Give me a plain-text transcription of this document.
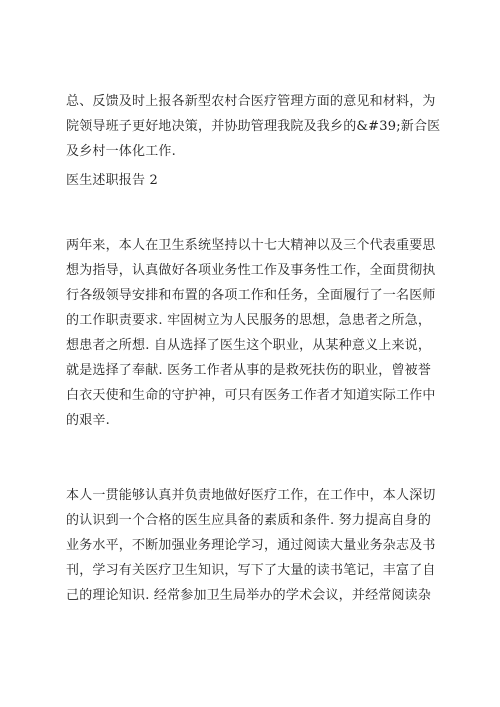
总、反馈及时上报各新型农村合医疗管理方面的意见和材料，为
院领导班子更好地决策，并协助管理我院及我乡的&#39;新合医
及乡村一体化工作.
医生述职报告 2
两年来，本人在卫生系统坚持以十七大精神以及三个代表重要思
想为指导，认真做好各项业务性工作及事务性工作，全面贯彻执
行各级领导安排和布置的各项工作和任务，全面履行了一名医师
的工作职责要求. 牢固树立为人民服务的思想，急患者之所急，
想患者之所想. 自从选择了医生这个职业，从某种意义上来说，
就是选择了奉献. 医务工作者从事的是救死扶伤的职业，曾被誉
白衣天使和生命的守护神，可只有医务工作者才知道实际工作中
的艰辛.
本人一贯能够认真并负责地做好医疗工作，在工作中，本人深切
的认识到一个合格的医生应具备的素质和条件. 努力提高自身的
业务水平，不断加强业务理论学习，通过阅读大量业务杂志及书
刊，学习有关医疗卫生知识，写下了大量的读书笔记，丰富了自
己的理论知识. 经常参加卫生局举办的学术会议，并经常阅读杂
